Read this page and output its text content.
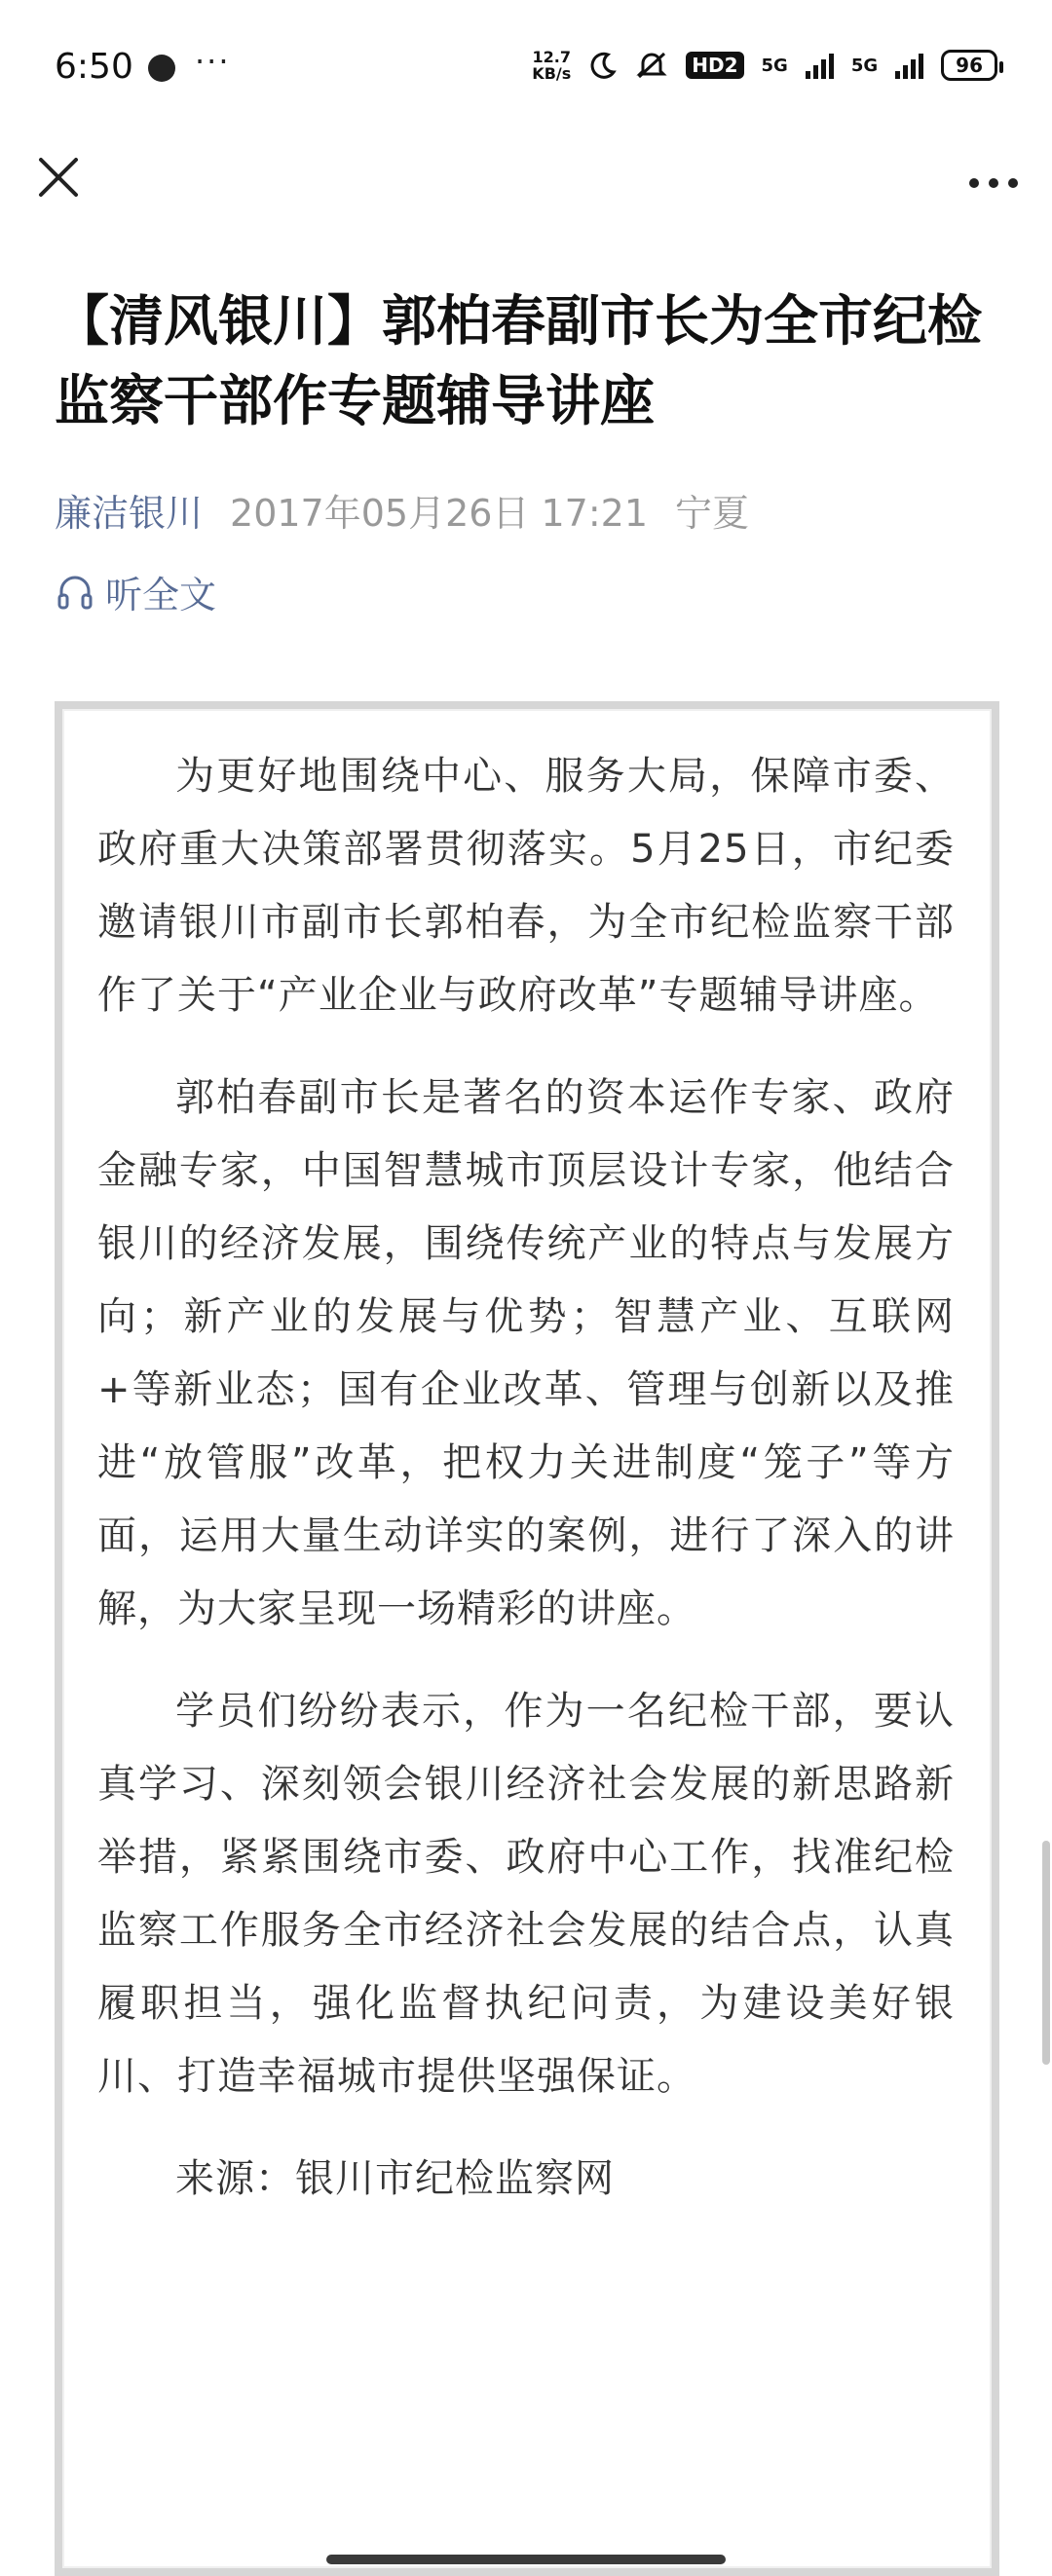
6:50 ···	12.7
KB/s	HD2	5G	5G	96
【清风银川】郭柏春副市长为全市纪检监察干部作专题辅导讲座
廉洁银川 2017年05月26日 17:21 宁夏
听全文

为更好地围绕中心、服务大局，保障市委、政府重大决策部署贯彻落实。5月25日，市纪委邀请银川市副市长郭柏春，为全市纪检监察干部作了关于“产业企业与政府改革”专题辅导讲座。

郭柏春副市长是著名的资本运作专家、政府金融专家，中国智慧城市顶层设计专家，他结合银川的经济发展，围绕传统产业的特点与发展方向；新产业的发展与优势；智慧产业、互联网+等新业态；国有企业改革、管理与创新以及推进“放管服”改革，把权力关进制度“笼子”等方面，运用大量生动详实的案例，进行了深入的讲解，为大家呈现一场精彩的讲座。

学员们纷纷表示，作为一名纪检干部，要认真学习、深刻领会银川经济社会发展的新思路新举措，紧紧围绕市委、政府中心工作，找准纪检监察工作服务全市经济社会发展的结合点，认真履职担当，强化监督执纪问责，为建设美好银川、打造幸福城市提供坚强保证。

来源：银川市纪检监察网
